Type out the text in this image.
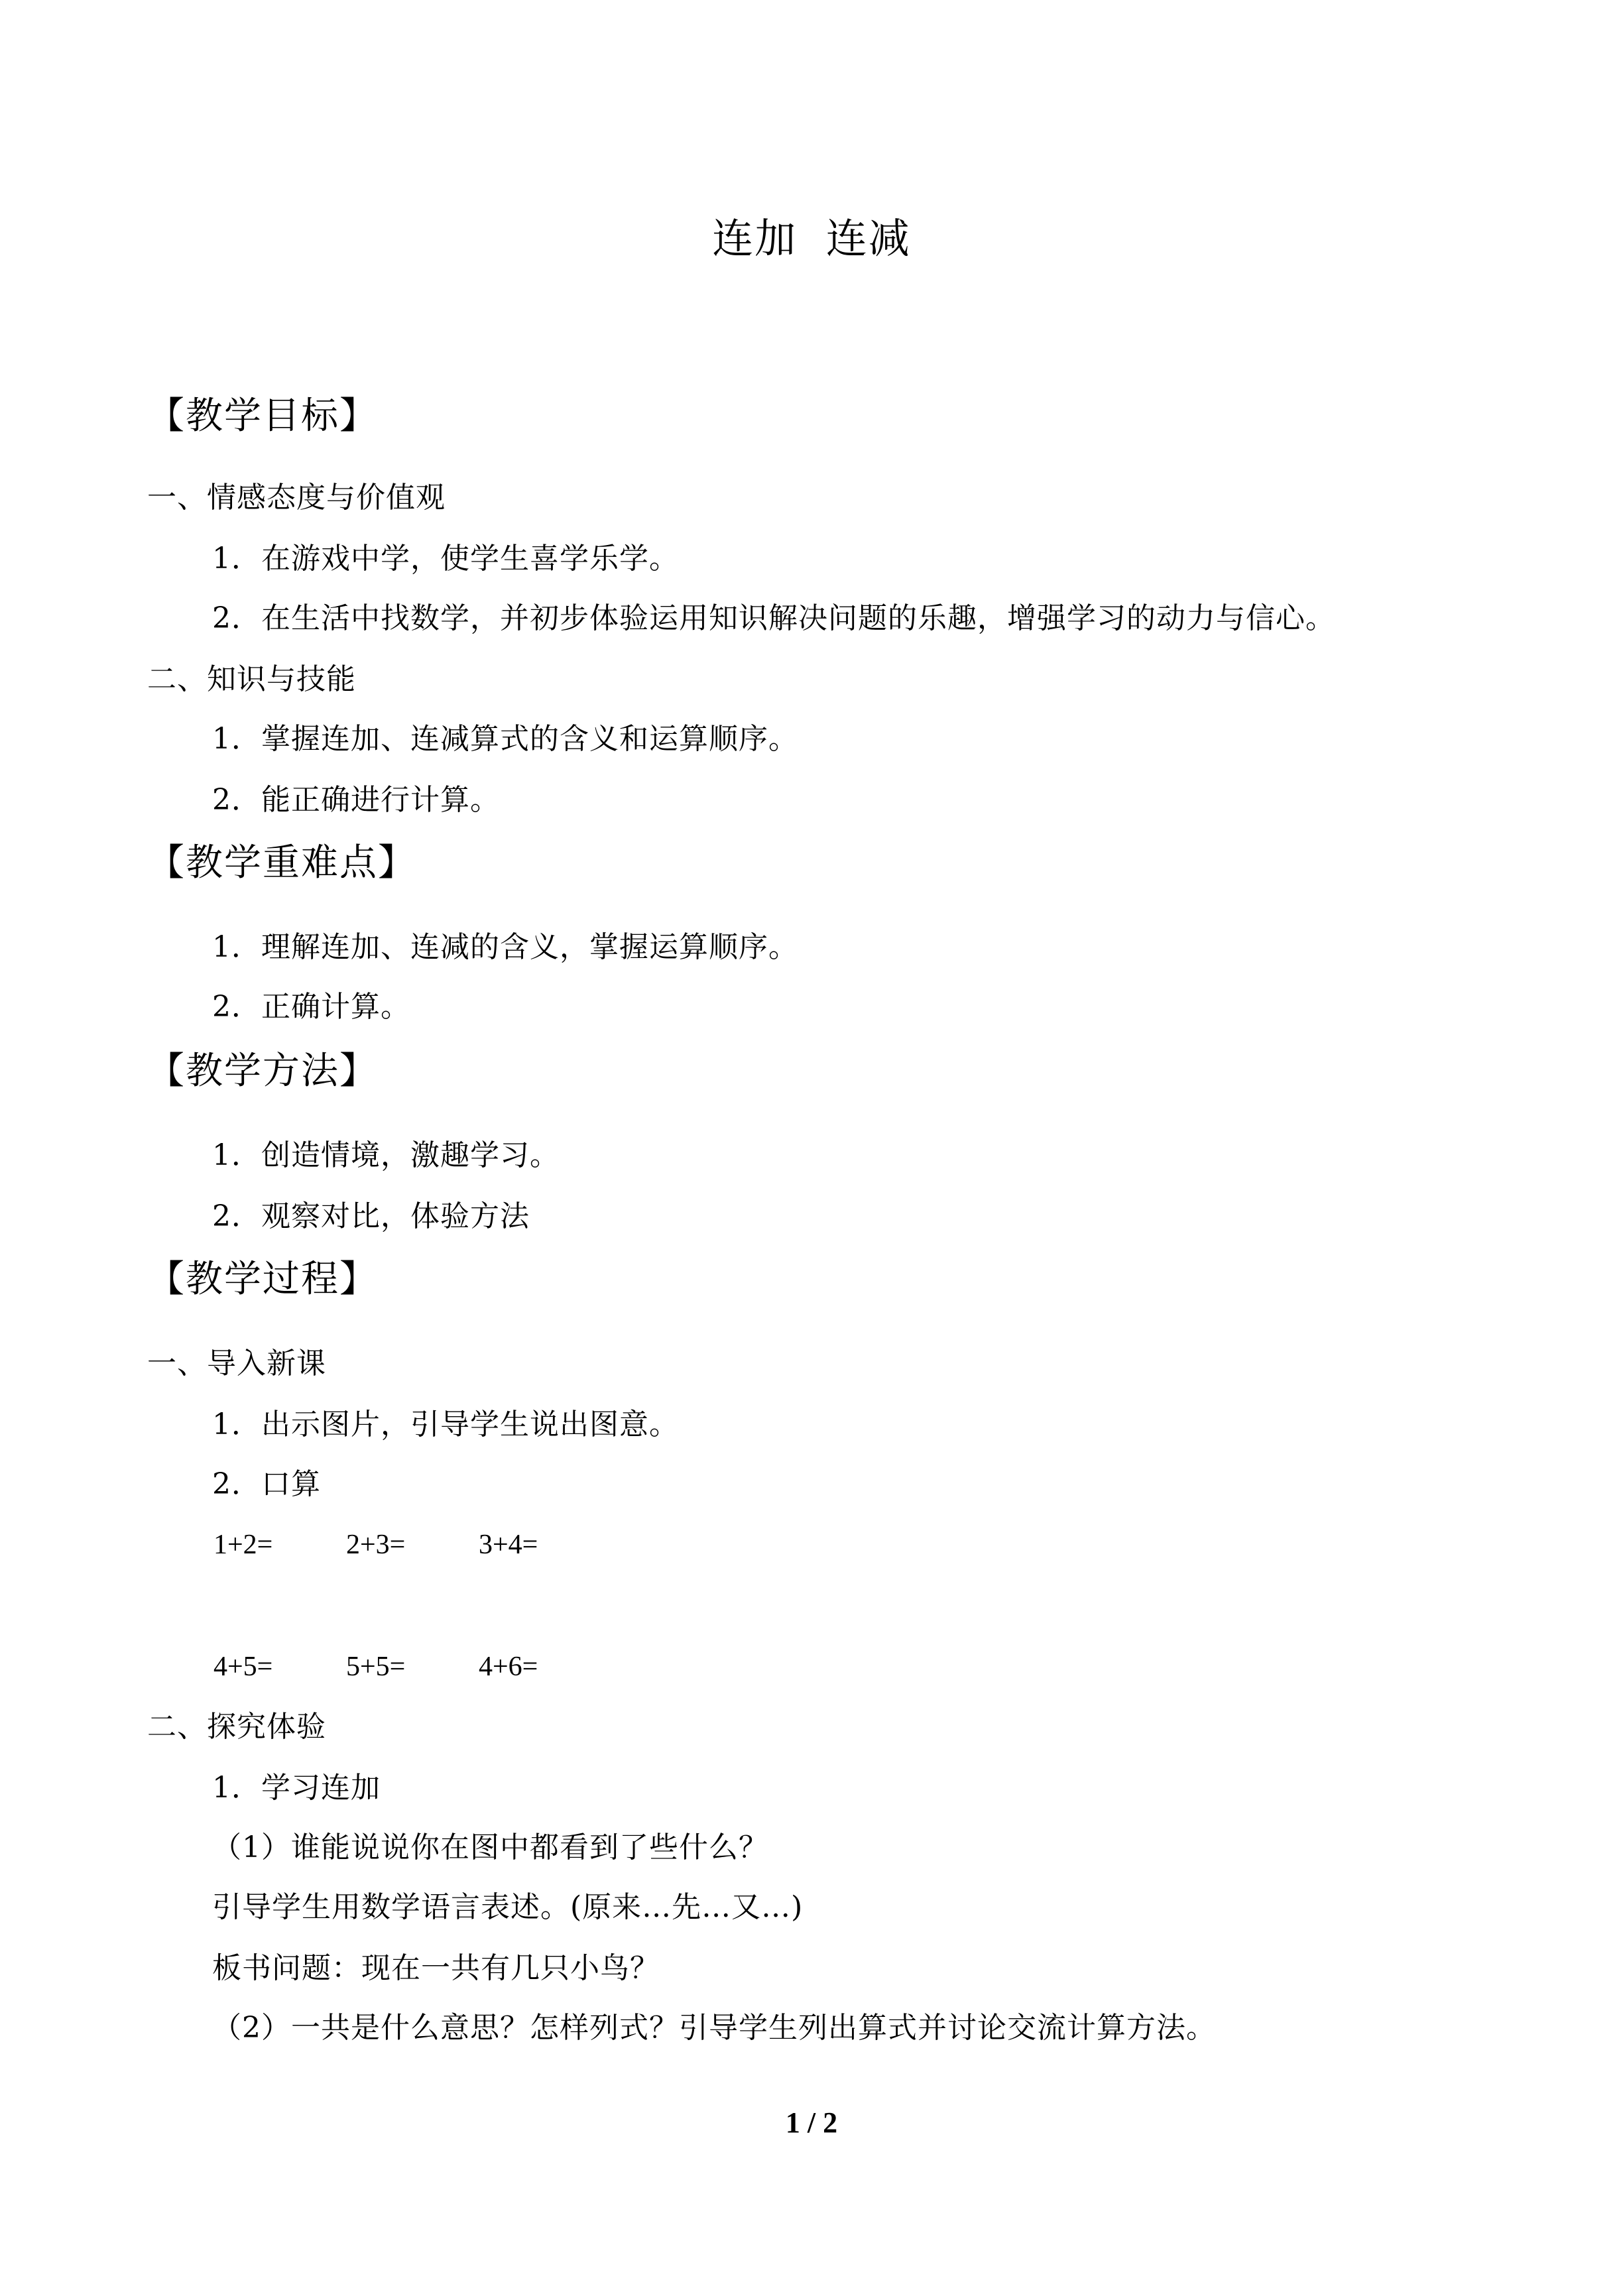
连加  连减
【教学目标】
一、情感态度与价值观
1．在游戏中学，使学生喜学乐学。
2．在生活中找数学，并初步体验运用知识解决问题的乐趣，增强学习的动力与信心。
二、知识与技能
1．掌握连加、连减算式的含义和运算顺序。
2．能正确进行计算。
【教学重难点】
1．理解连加、连减的含义，掌握运算顺序。
2．正确计算。
【教学方法】
1．创造情境，激趣学习。
2．观察对比，体验方法
【教学过程】
一、导入新课
1．出示图片，引导学生说出图意。
2．口算
1+2=	2+3=	3+4=
4+5=	5+5=	4+6=
二、探究体验
1．学习连加
（1）谁能说说你在图中都看到了些什么？
引导学生用数学语言表述。(原来…先…又…)
板书问题：现在一共有几只小鸟？
（2）一共是什么意思？怎样列式？引导学生列出算式并讨论交流计算方法。
1 / 2
